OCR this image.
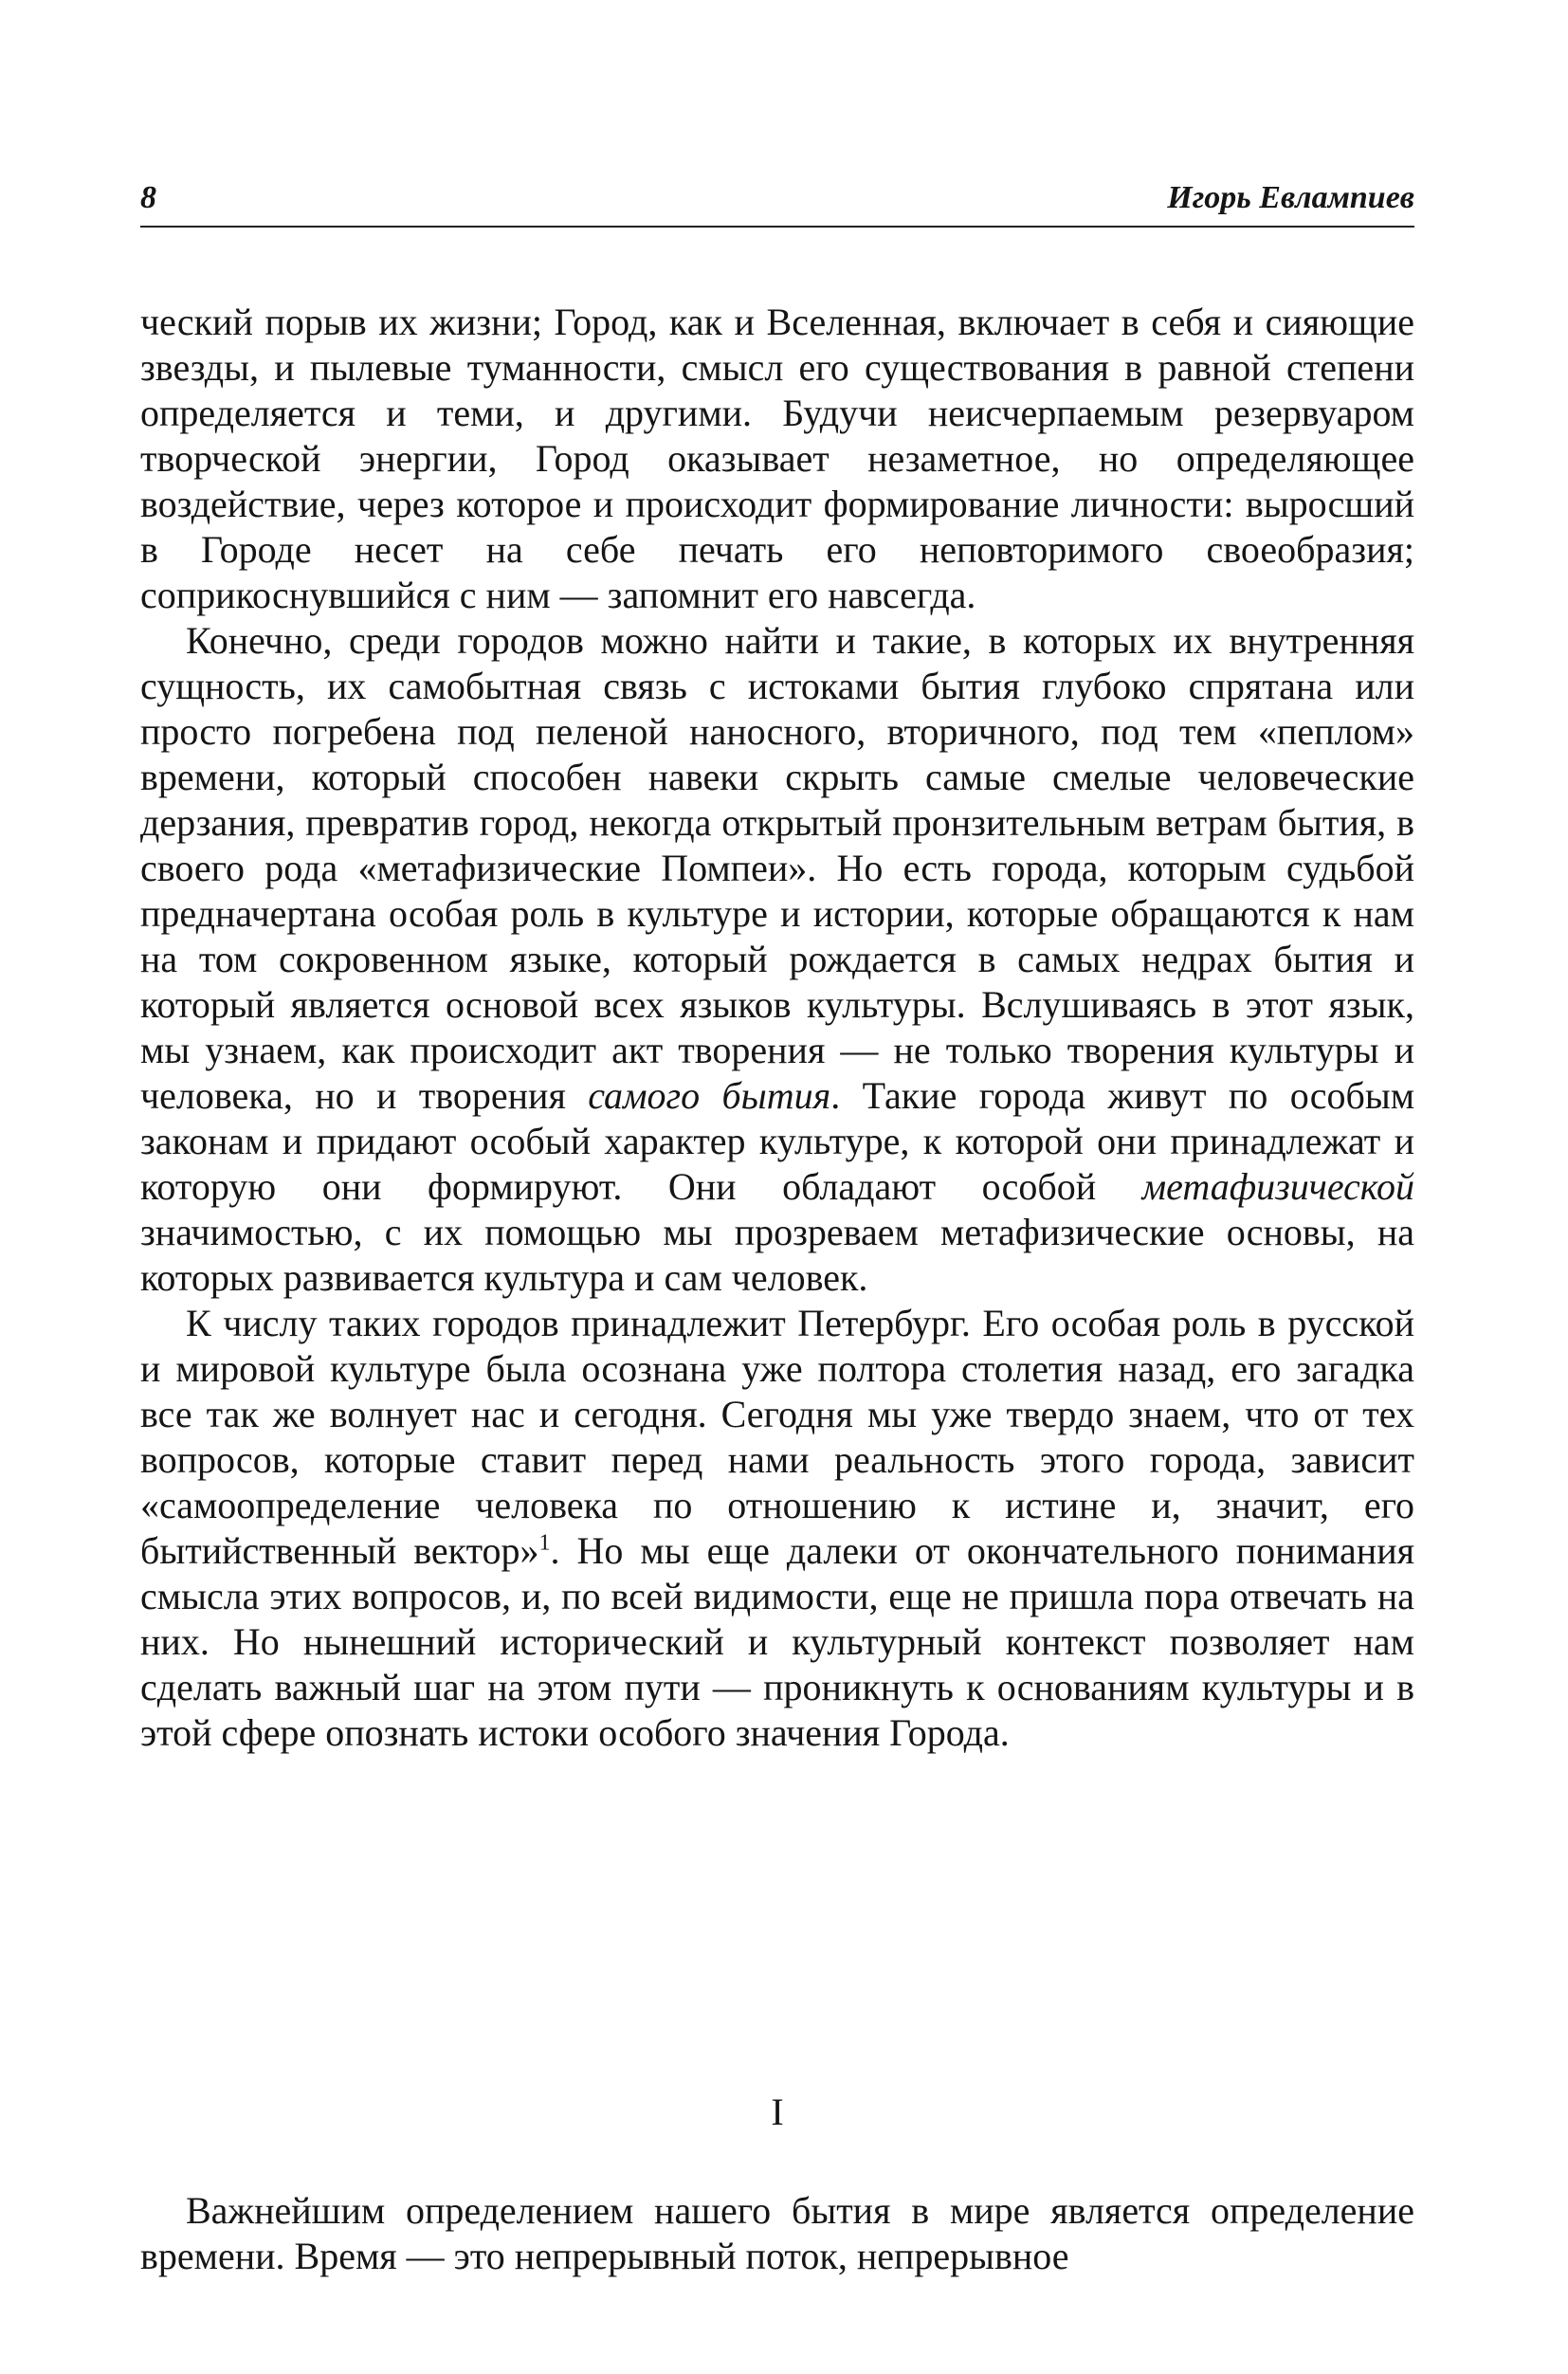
8	Игорь Евлампиев

ческий порыв их жизни; Город, как и Вселенная, включает в себя и сияющие звезды, и пылевые туманности, смысл его существования в равной степени определяется и теми, и другими. Будучи неисчерпаемым резервуаром творческой энергии, Город оказывает незаметное, но определяющее воздействие, через которое и происходит формирование личности: выросший в Городе несет на себе печать его неповторимого своеобразия; соприкоснувшийся с ним — запомнит его навсегда.

Конечно, среди городов можно найти и такие, в которых их внутренняя сущность, их самобытная связь с истоками бытия глубоко спрятана или просто погребена под пеленой наносного, вторичного, под тем «пеплом» времени, который способен навеки скрыть самые смелые человеческие дерзания, превратив город, некогда открытый пронзительным ветрам бытия, в своего рода «метафизические Помпеи». Но есть города, которым судьбой предначертана особая роль в культуре и истории, которые обращаются к нам на том сокровенном языке, который рождается в самых недрах бытия и который является основой всех языков культуры. Вслушиваясь в этот язык, мы узнаем, как происходит акт творения — не только творения культуры и человека, но и творения самого бытия. Такие города живут по особым законам и придают особый характер культуре, к которой они принадлежат и которую они формируют. Они обладают особой метафизической значимостью, с их помощью мы прозреваем метафизические основы, на которых развивается культура и сам человек.

К числу таких городов принадлежит Петербург. Его особая роль в русской и мировой культуре была осознана уже полтора столетия назад, его загадка все так же волнует нас и сегодня. Сегодня мы уже твердо знаем, что от тех вопросов, которые ставит перед нами реальность этого города, зависит «самоопределение человека по отношению к истине и, значит, его бытийственный вектор»$^1$. Но мы еще далеки от окончательного понимания смысла этих вопросов, и, по всей видимости, еще не пришла пора отвечать на них. Но нынешний исторический и культурный контекст позволяет нам сделать важный шаг на этом пути — проникнуть к основаниям культуры и в этой сфере опознать истоки особого значения Города.

I

Важнейшим определением нашего бытия в мире является определение времени. Время — это непрерывный поток, непрерывное
